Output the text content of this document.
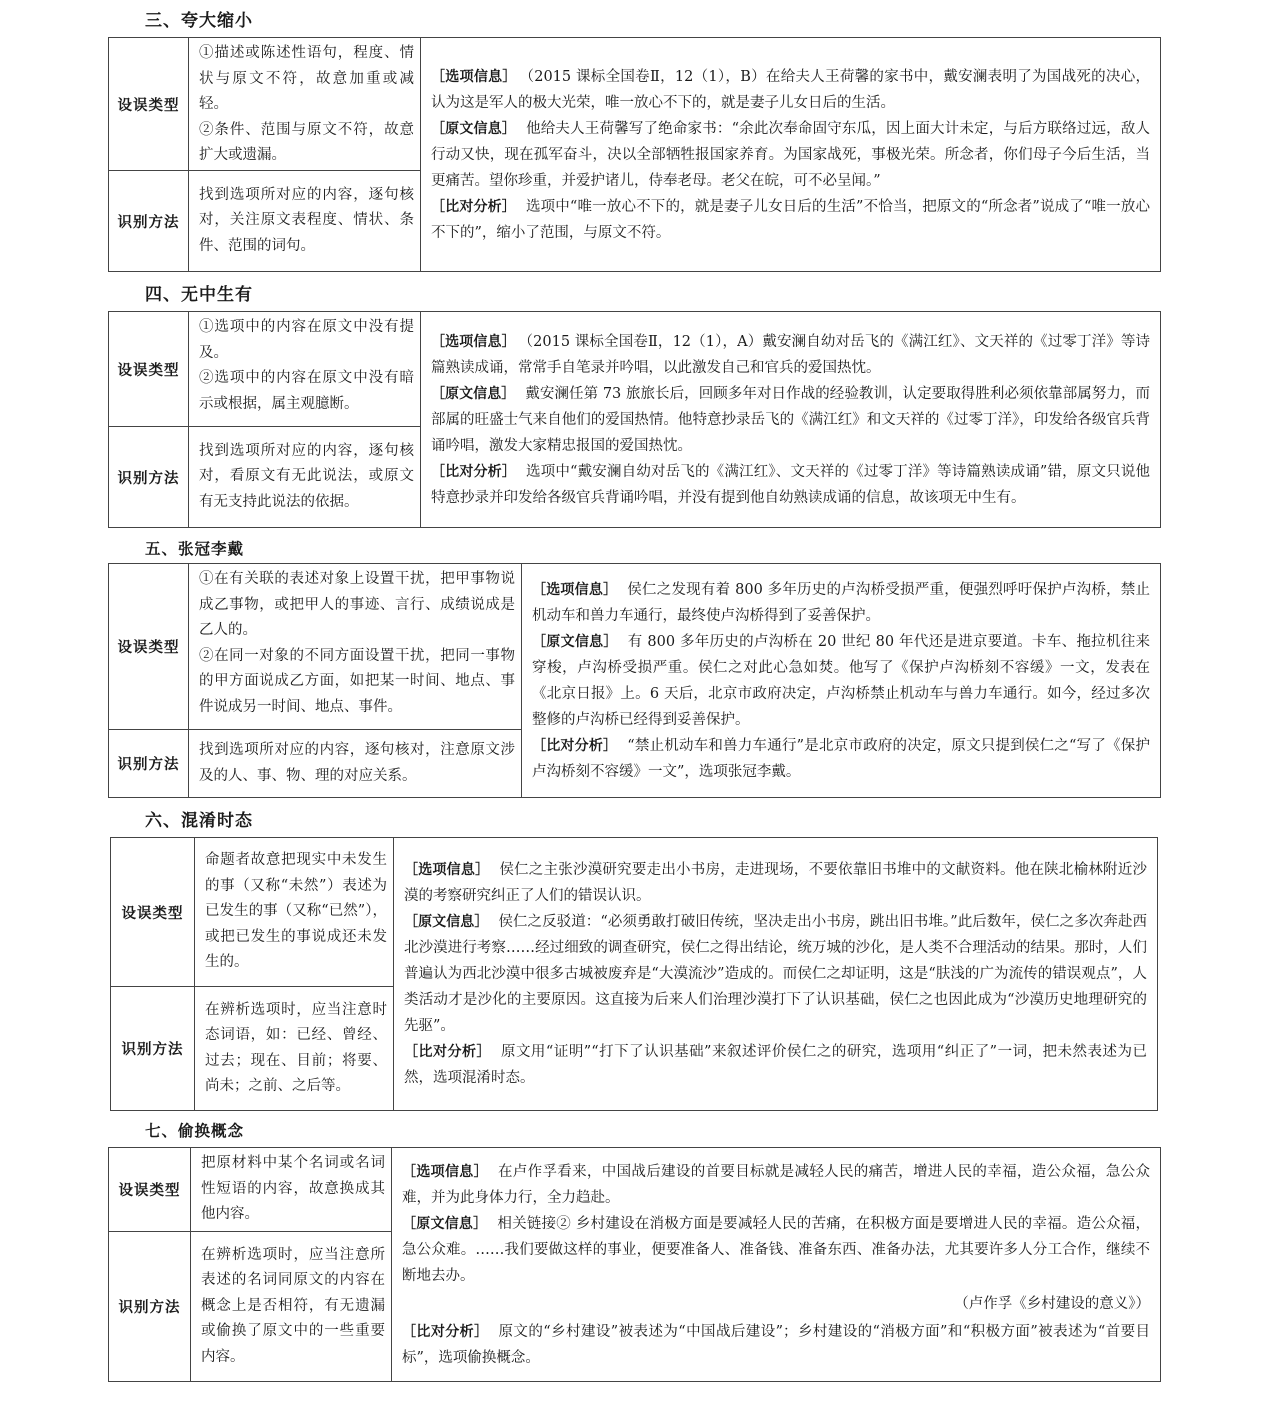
三、夸大缩小
设误类型
①描述或陈述性语句，程度、情状与原文不符，故意加重或减轻。
②条件、范围与原文不符，故意扩大或遗漏。
识别方法
找到选项所对应的内容，逐句核对，关注原文表程度、情状、条件、范围的词句。

［选项信息］ （2015 课标全国卷Ⅱ，12（1），B）在给夫人王荷馨的家书中，戴安澜表明了为国战死的决心，认为这是军人的极大光荣，唯一放心不下的，就是妻子儿女日后的生活。

［原文信息］ 他给夫人王荷馨写了绝命家书：“余此次奉命固守东瓜，因上面大计未定，与后方联络过远，敌人行动又快，现在孤军奋斗，决以全部牺牲报国家养育。为国家战死，事极光荣。所念者，你们母子今后生活，当更痛苦。望你珍重，并爱护诸儿，侍奉老母。老父在皖，可不必呈闻。”

［比对分析］ 选项中“唯一放心不下的，就是妻子儿女日后的生活”不恰当，把原文的“所念者”说成了“唯一放心不下的”，缩小了范围，与原文不符。

四、无中生有
设误类型
①选项中的内容在原文中没有提及。
②选项中的内容在原文中没有暗示或根据，属主观臆断。
识别方法
找到选项所对应的内容，逐句核对，看原文有无此说法，或原文有无支持此说法的依据。

［选项信息］ （2015 课标全国卷Ⅱ，12（1），A）戴安澜自幼对岳飞的《满江红》、文天祥的《过零丁洋》等诗篇熟读成诵，常常手自笔录并吟唱，以此激发自己和官兵的爱国热忱。

［原文信息］ 戴安澜任第 73 旅旅长后，回顾多年对日作战的经验教训，认定要取得胜利必须依靠部属努力，而部属的旺盛士气来自他们的爱国热情。他特意抄录岳飞的《满江红》和文天祥的《过零丁洋》，印发给各级官兵背诵吟唱，激发大家精忠报国的爱国热忱。

［比对分析］ 选项中“戴安澜自幼对岳飞的《满江红》、文天祥的《过零丁洋》等诗篇熟读成诵”错，原文只说他特意抄录并印发给各级官兵背诵吟唱，并没有提到他自幼熟读成诵的信息，故该项无中生有。

五、张冠李戴
设误类型
①在有关联的表述对象上设置干扰，把甲事物说成乙事物，或把甲人的事迹、言行、成绩说成是乙人的。
②在同一对象的不同方面设置干扰，把同一事物的甲方面说成乙方面，如把某一时间、地点、事件说成另一时间、地点、事件。
识别方法
找到选项所对应的内容，逐句核对，注意原文涉及的人、事、物、理的对应关系。

［选项信息］ 侯仁之发现有着 800 多年历史的卢沟桥受损严重，便强烈呼吁保护卢沟桥，禁止机动车和兽力车通行，最终使卢沟桥得到了妥善保护。

［原文信息］ 有 800 多年历史的卢沟桥在 20 世纪 80 年代还是进京要道。卡车、拖拉机往来穿梭，卢沟桥受损严重。侯仁之对此心急如焚。他写了《保护卢沟桥刻不容缓》一文，发表在《北京日报》上。6 天后，北京市政府决定，卢沟桥禁止机动车与兽力车通行。如今，经过多次整修的卢沟桥已经得到妥善保护。

［比对分析］ “禁止机动车和兽力车通行”是北京市政府的决定，原文只提到侯仁之“写了《保护卢沟桥刻不容缓》一文”，选项张冠李戴。

六、混淆时态
设误类型
命题者故意把现实中未发生的事（又称“未然”）表述为已发生的事（又称“已然”），或把已发生的事说成还未发生的。
识别方法
在辨析选项时，应当注意时态词语，如：已经、曾经、过去；现在、目前；将要、尚未；之前、之后等。

［选项信息］ 侯仁之主张沙漠研究要走出小书房，走进现场，不要依靠旧书堆中的文献资料。他在陕北榆林附近沙漠的考察研究纠正了人们的错误认识。

［原文信息］ 侯仁之反驳道：“必须勇敢打破旧传统，坚决走出小书房，跳出旧书堆。”此后数年，侯仁之多次奔赴西北沙漠进行考察……经过细致的调查研究，侯仁之得出结论，统万城的沙化，是人类不合理活动的结果。那时，人们普遍认为西北沙漠中很多古城被废弃是“大漠流沙”造成的。而侯仁之却证明，这是“肤浅的广为流传的错误观点”，人类活动才是沙化的主要原因。这直接为后来人们治理沙漠打下了认识基础，侯仁之也因此成为“沙漠历史地理研究的先驱”。

［比对分析］ 原文用“证明”“打下了认识基础”来叙述评价侯仁之的研究，选项用“纠正了”一词，把未然表述为已然，选项混淆时态。

七、偷换概念
设误类型
把原材料中某个名词或名词性短语的内容，故意换成其他内容。
识别方法
在辨析选项时，应当注意所表述的名词同原文的内容在概念上是否相符，有无遗漏或偷换了原文中的一些重要内容。

［选项信息］ 在卢作孚看来，中国战后建设的首要目标就是减轻人民的痛苦，增进人民的幸福，造公众福，急公众难，并为此身体力行，全力趋赴。

［原文信息］ 相关链接② 乡村建设在消极方面是要减轻人民的苦痛，在积极方面是要增进人民的幸福。造公众福，急公众难。……我们要做这样的事业，便要准备人、准备钱、准备东西、准备办法，尤其要许多人分工合作，继续不断地去办。

（卢作孚《乡村建设的意义》）

［比对分析］ 原文的“乡村建设”被表述为“中国战后建设”；乡村建设的“消极方面”和“积极方面”被表述为“首要目标”，选项偷换概念。
